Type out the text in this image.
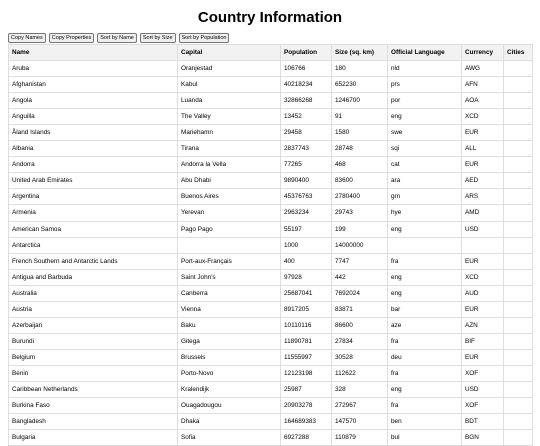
Country Information
Copy Names	Copy Properties	Sort by Name	Sort by Size	Sort by Population
Name	Capital	Population	Size (sq. km)	Official Language	Currency	Cities
Aruba	Oranjestad	106766	180	nld	AWG	
Afghanistan	Kabul	40218234	652230	prs	AFN	
Angola	Luanda	32866268	1246700	por	AOA	
Anguilla	The Valley	13452	91	eng	XCD	
Åland Islands	Mariehamn	29458	1580	swe	EUR	
Albania	Tirana	2837743	28748	sqi	ALL	
Andorra	Andorra la Vella	77265	468	cat	EUR	
United Arab Emirates	Abu Dhabi	9890400	83600	ara	AED	
Argentina	Buenos Aires	45376763	2780400	grn	ARS	
Armenia	Yerevan	2963234	29743	hye	AMD	
American Samoa	Pago Pago	55197	199	eng	USD	
Antarctica		1000	14000000			
French Southern and Antarctic Lands	Port-aux-Français	400	7747	fra	EUR	
Antigua and Barbuda	Saint John's	97928	442	eng	XCD	
Australia	Canberra	25687041	7692024	eng	AUD	
Austria	Vienna	8917205	83871	bar	EUR	
Azerbaijan	Baku	10110116	86600	aze	AZN	
Burundi	Gitega	11890781	27834	fra	BIF	
Belgium	Brussels	11555997	30528	deu	EUR	
Benin	Porto-Novo	12123198	112622	fra	XOF	
Caribbean Netherlands	Kralendijk	25987	328	eng	USD	
Burkina Faso	Ouagadougou	20903278	272967	fra	XOF	
Bangladesh	Dhaka	164689383	147570	ben	BDT	
Bulgaria	Sofia	6927288	110879	bul	BGN	
